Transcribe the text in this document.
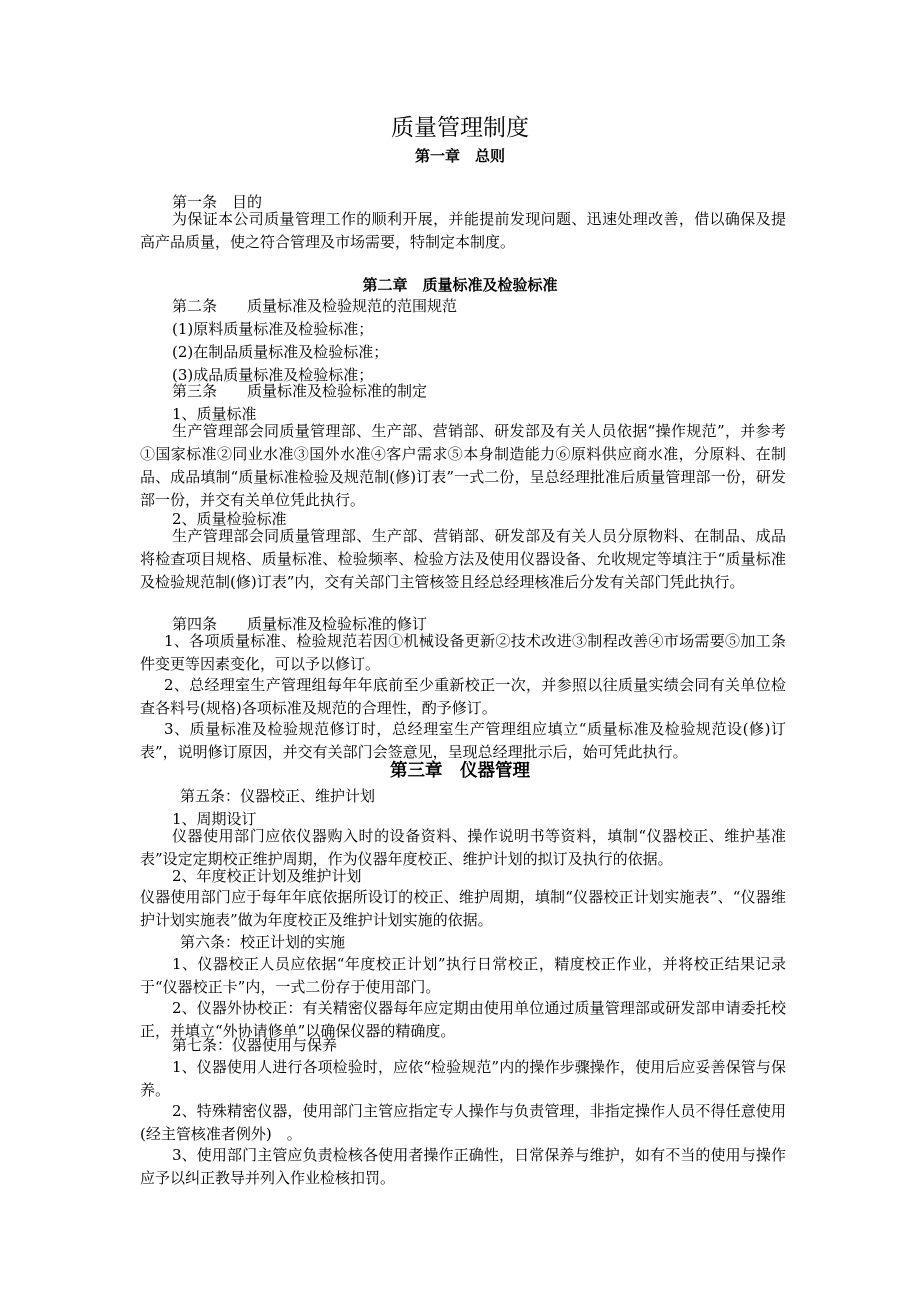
质量管理制度
第一章　总则

第一条　目的

为保证本公司质量管理工作的顺利开展，并能提前发现问题、迅速处理改善，借以确保及提高产品质量，使之符合管理及市场需要，特制定本制度。

第二章　质量标准及检验标准

第二条　　质量标准及检验规范的范围规范

(1)原料质量标准及检验标准；

(2)在制品质量标准及检验标准；

(3)成品质量标准及检验标准；

第三条　　质量标准及检验标准的制定

1、质量标准

生产管理部会同质量管理部、生产部、营销部、研发部及有关人员依据“操作规范”，并参考①国家标准②同业水准③国外水准④客户需求⑤本身制造能力⑥原料供应商水准，分原料、在制品、成品填制“质量标准检验及规范制(修)订表”一式二份，呈总经理批准后质量管理部一份，研发部一份，并交有关单位凭此执行。

2、质量检验标准

生产管理部会同质量管理部、生产部、营销部、研发部及有关人员分原物料、在制品、成品将检查项目规格、质量标准、检验频率、检验方法及使用仪器设备、允收规定等填注于“质量标准及检验规范制(修)订表”内，交有关部门主管核签且经总经理核准后分发有关部门凭此执行。

第四条　　质量标准及检验标准的修订

1、各项质量标准、检验规范若因①机械设备更新②技术改进③制程改善④市场需要⑤加工条件变更等因素变化，可以予以修订。

2、总经理室生产管理组每年年底前至少重新校正一次，并参照以往质量实绩会同有关单位检查各料号(规格)各项标准及规范的合理性，酌予修订。

3、质量标准及检验规范修订时，总经理室生产管理组应填立“质量标准及检验规范设(修)订表”，说明修订原因，并交有关部门会签意见，呈现总经理批示后，始可凭此执行。

第三章　仪器管理

第五条：仪器校正、维护计划

1、周期设订

仪器使用部门应依仪器购入时的设备资料、操作说明书等资料，填制“仪器校正、维护基准表”设定定期校正维护周期，作为仪器年度校正、维护计划的拟订及执行的依据。

2、年度校正计划及维护计划

仪器使用部门应于每年年底依据所设订的校正、维护周期，填制“仪器校正计划实施表”、“仪器维护计划实施表”做为年度校正及维护计划实施的依据。

第六条：校正计划的实施

1、仪器校正人员应依据“年度校正计划”执行日常校正，精度校正作业，并将校正结果记录于“仪器校正卡”内，一式二份存于使用部门。

2、仪器外协校正：有关精密仪器每年应定期由使用单位通过质量管理部或研发部申请委托校正，并填立“外协请修单”以确保仪器的精确度。

第七条：仪器使用与保养

1、仪器使用人进行各项检验时，应依“检验规范”内的操作步骤操作，使用后应妥善保管与保养。

2、特殊精密仪器，使用部门主管应指定专人操作与负责管理，非指定操作人员不得任意使用(经主管核准者例外)　。

3、使用部门主管应负责检核各使用者操作正确性，日常保养与维护，如有不当的使用与操作应予以纠正教导并列入作业检核扣罚。
